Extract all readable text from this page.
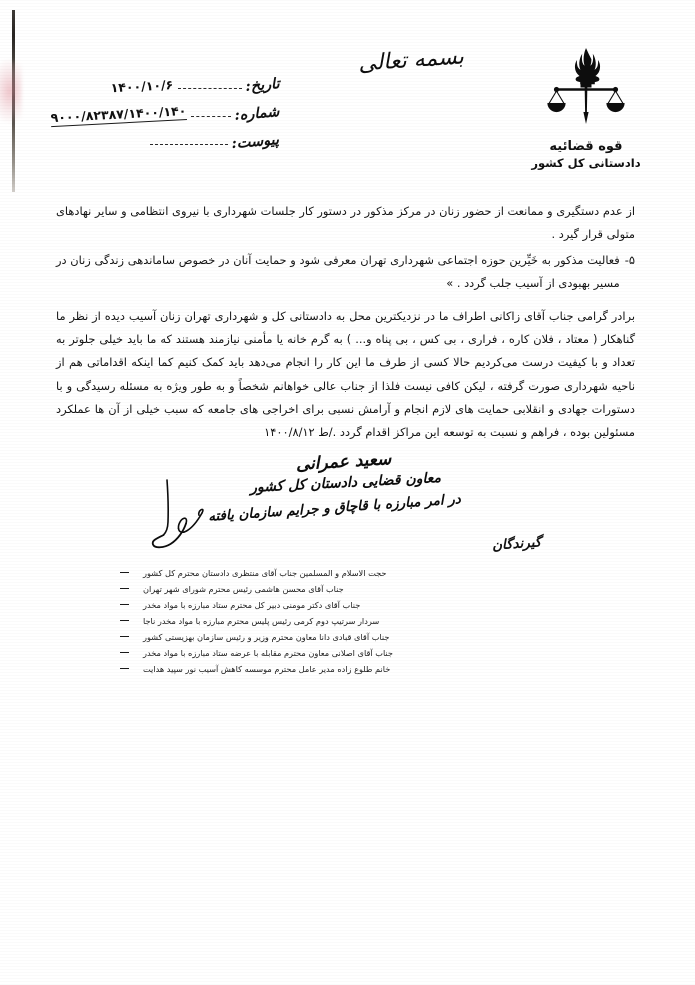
بسمه تعالی
قوه قضائیه
دادستانی کل کشور
تاریخ:
۱۴۰۰/۱۰/۶
شماره:
۹۰۰۰/۸۲۳۸۷/۱۴۰۰/۱۴۰
پیوست:

از عدم دستگیری و ممانعت از حضور زنان در مرکز مذکور در دستور کار جلسات شهرداری با نیروی انتظامی و سایر نهادهای متولی قرار گیرد .

۵-
فعالیت مذکور به خَیِّرین حوزه اجتماعی شهرداری تهران معرفی شود و حمایت آنان در خصوص ساماندهی زندگی زنان در مسیر بهبودی از آسیب جلب گردد . »

برادر گرامی جناب آقای زاکانی اطراف ما در نزدیکترین محل به دادستانی کل و شهرداری تهران زنان آسیب دیده از نظر ما گناهکار ( معتاد ، فلان کاره ، فراری ، بی کس ، بی پناه و... ) به گرم خانه یا مأمنی نیازمند هستند که ما باید خیلی جلوتر به تعداد و با کیفیت درست می‌کردیم حالا کسی از طرف ما این کار را انجام می‌دهد باید کمک کنیم کما اینکه اقداماتی هم از ناحیه شهرداری صورت گرفته ، لیکن کافی نیست فلذا از جناب عالی خواهانم شخصاً و به طور ویژه به مسئله رسیدگی و با دستورات جهادی و انقلابی حمایت های لازم انجام و آرامش نسبی برای اخراجی های جامعه که سبب خیلی از آن ها عملکرد مسئولین بوده ، فراهم و نسبت به توسعه این مراکز اقدام گردد ./ط ۱۴۰۰/۸/۱۲

سعید عمرانی
معاون قضایی دادستان کل کشور
در امر مبارزه با قاچاق و جرایم سازمان یافته
گیرندگان
حجت الاسلام و المسلمین جناب آقای منتظری دادستان محترم کل کشور
جناب آقای محسن هاشمی رئیس محترم شورای شهر تهران
جناب آقای دکتر مومنی دبیر کل محترم ستاد مبارزه با مواد مخدر
سردار سرتیپ دوم کرمی رئیس پلیس محترم مبارزه با مواد مخدر ناجا
جناب آقای قبادی دانا معاون محترم وزیر و رئیس سازمان بهزیستی کشور
جناب آقای اصلانی معاون محترم مقابله با عرضه ستاد مبارزه با مواد مخدر
خانم طلوع زاده مدیر عامل محترم موسسه کاهش آسیب نور سپید هدایت
